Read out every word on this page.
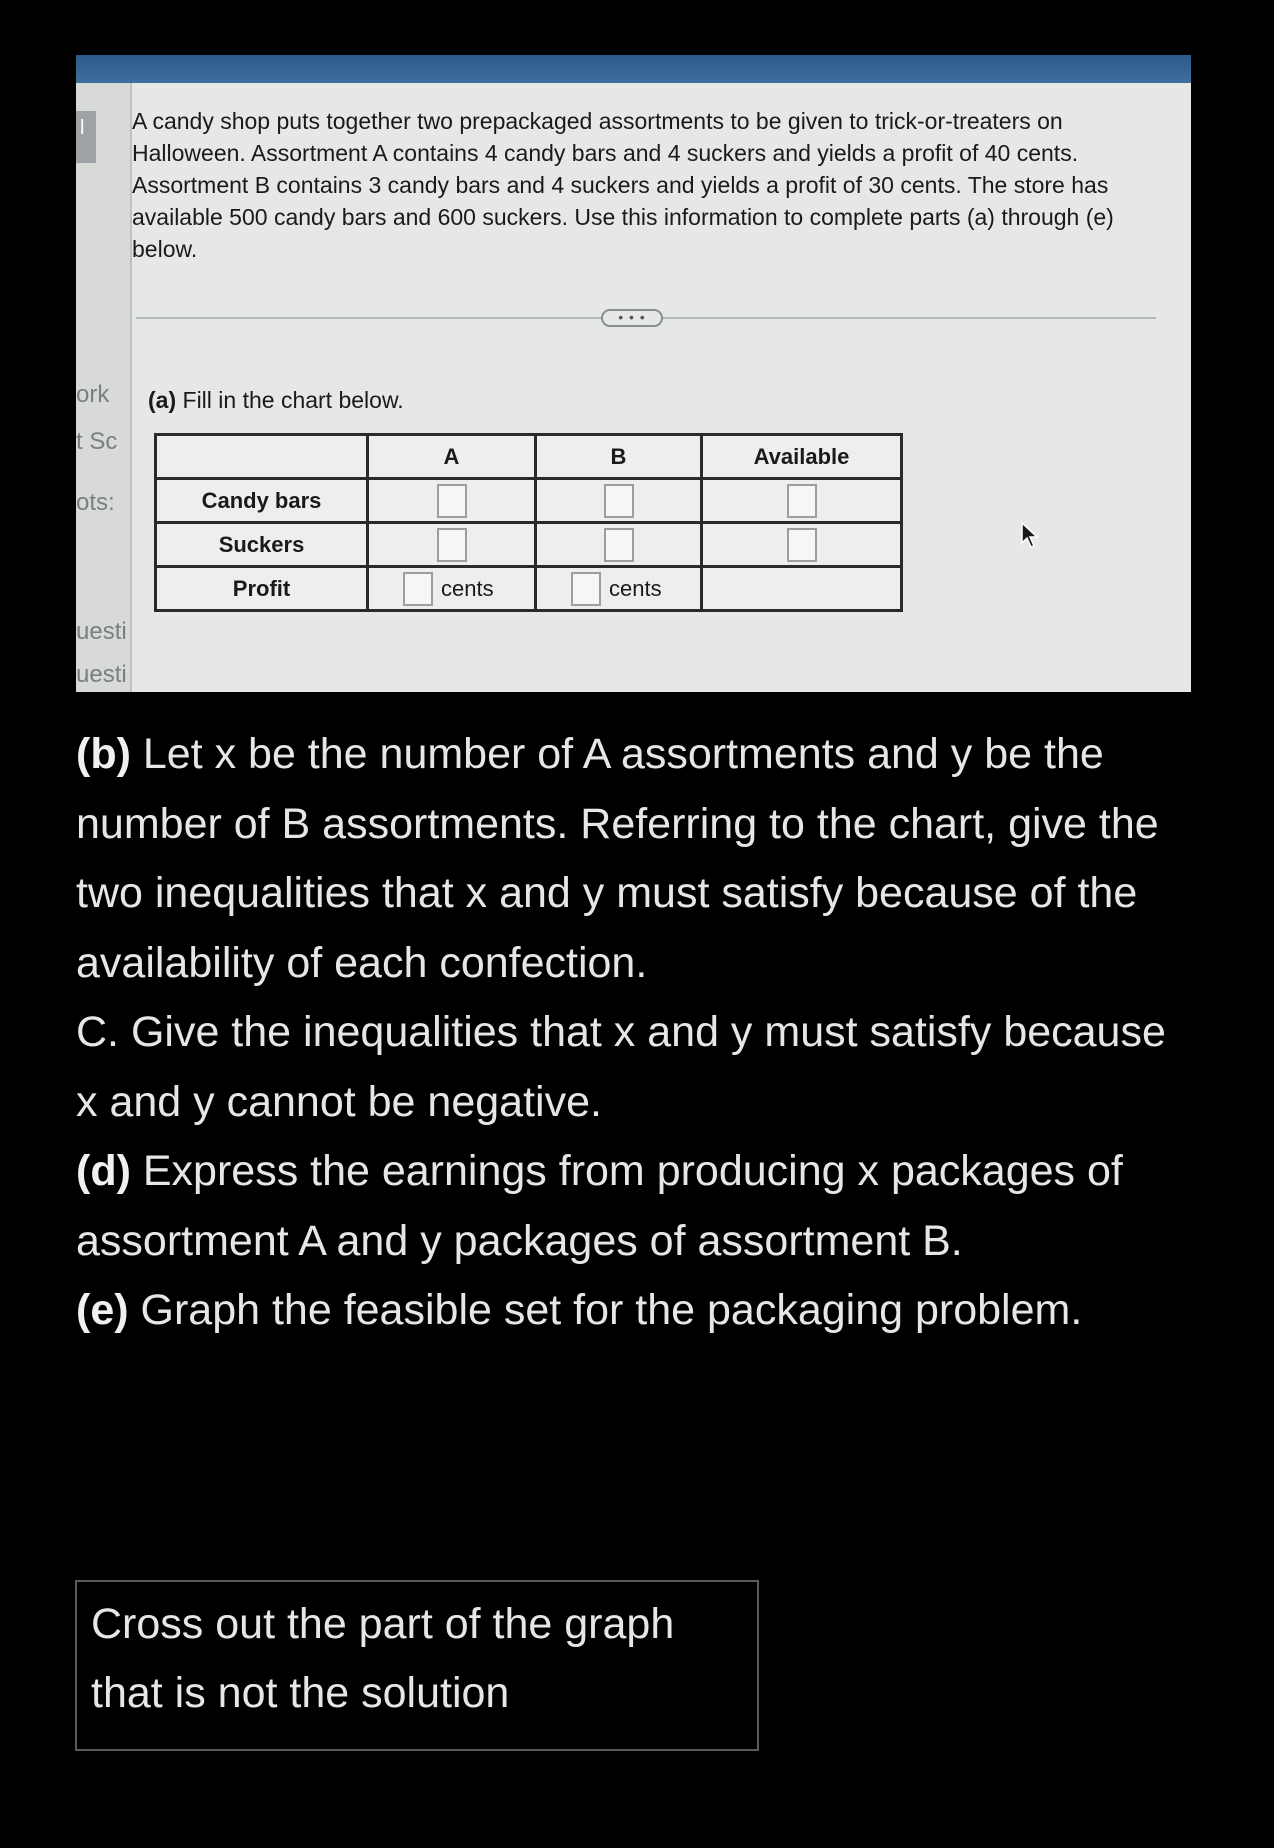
l
ork
t Sc
ots:
uesti
uesti
A candy shop puts together two prepackaged assortments to be given to trick-or-treaters on Halloween. Assortment A contains 4 candy bars and 4 suckers and yields a profit of 40 cents. Assortment B contains 3 candy bars and 4 suckers and yields a profit of 30 cents. The store has available 500 candy bars and 600 suckers. Use this information to complete parts (a) through (e) below.
• • •
(a) Fill in the chart below.
	A	B	Available
Candy bars			
Suckers			
Profit	cents	cents	

(b) Let x be the number of A assortments and y be the number of B assortments. Referring to the chart, give the two inequalities that x and y must satisfy because of the availability of each confection.

C. Give the inequalities that x and y must satisfy because x and y cannot be negative.

(d) Express the earnings from producing x packages of assortment A and y packages of assortment B.

(e) Graph the feasible set for the packaging problem.

Cross out the part of the graph that is not the solution
